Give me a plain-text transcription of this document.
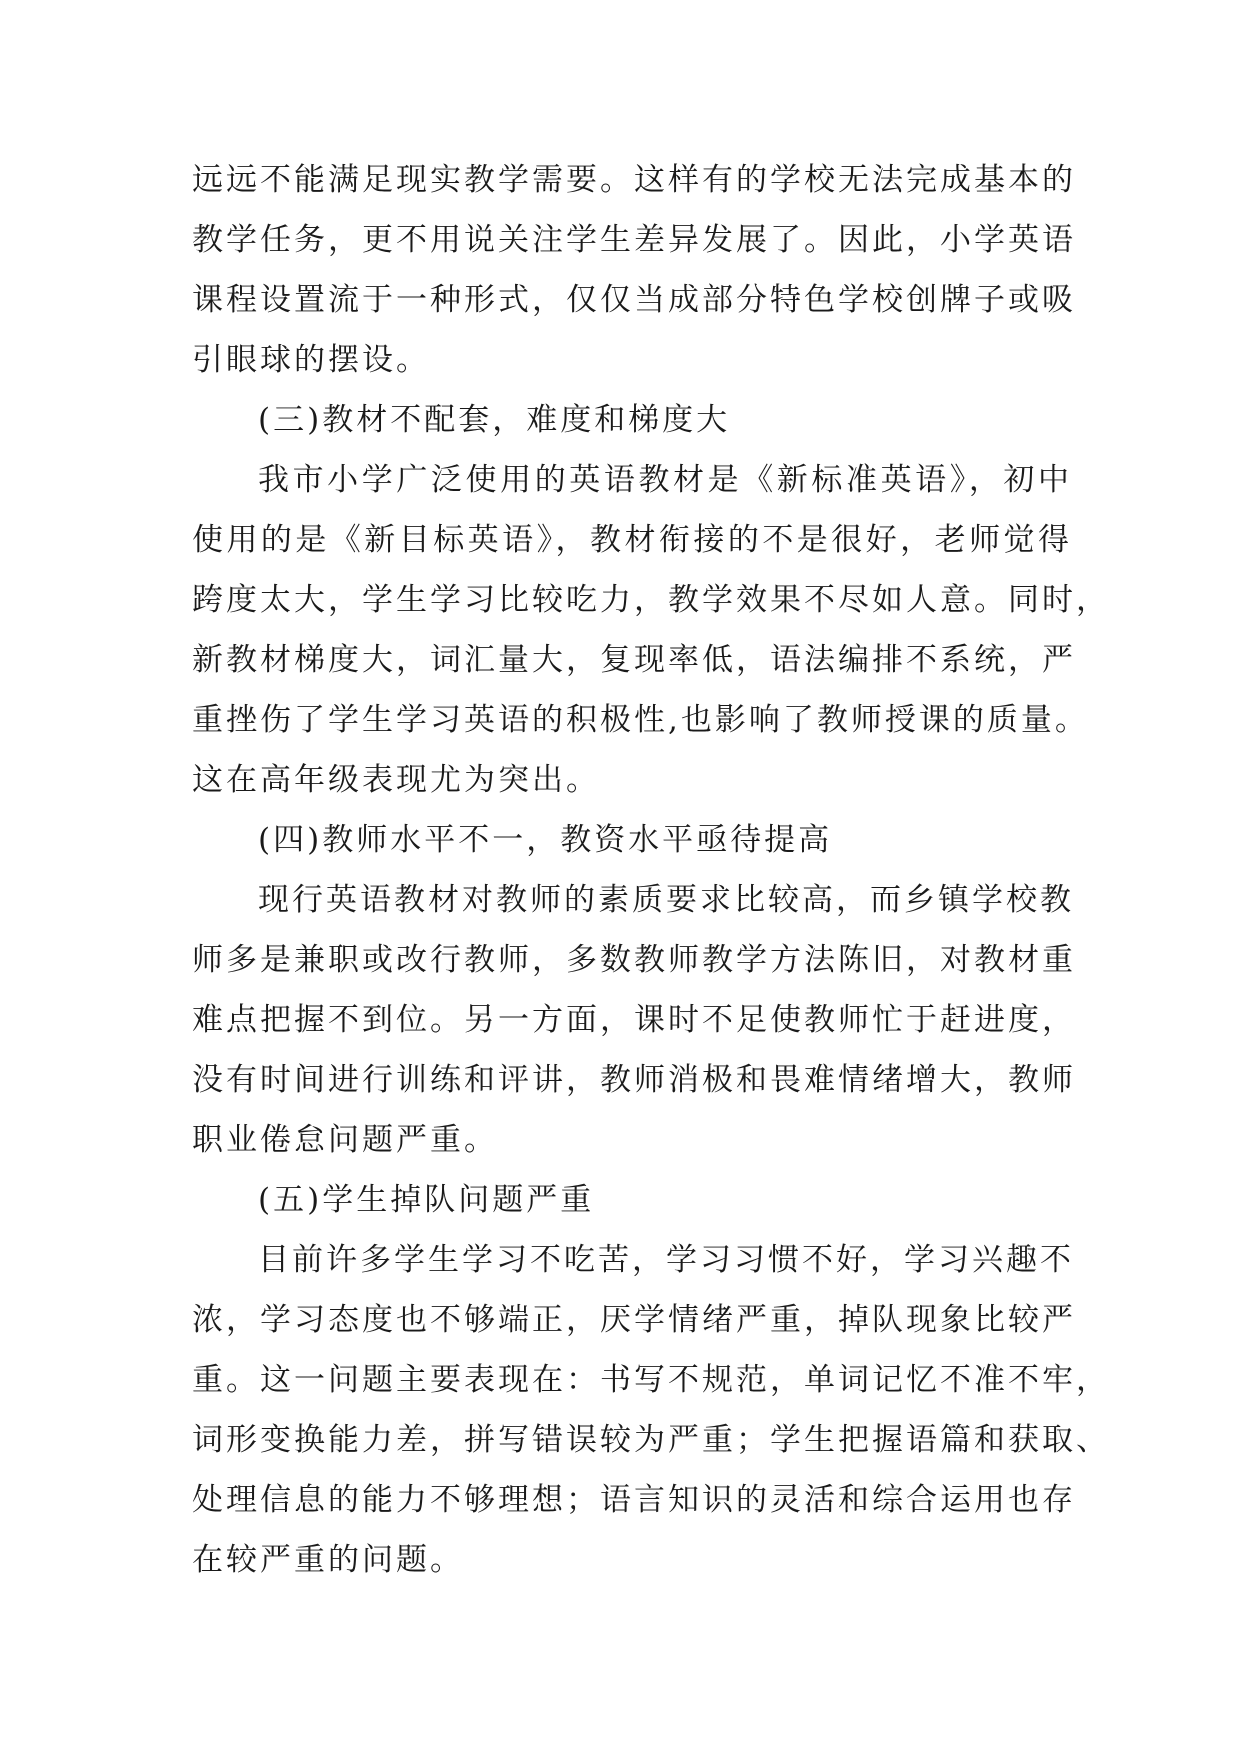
远远不能满足现实教学需要。这样有的学校无法完成基本的
教学任务，更不用说关注学生差异发展了。因此，小学英语
课程设置流于一种形式，仅仅当成部分特色学校创牌子或吸
引眼球的摆设。
(三)教材不配套，难度和梯度大
我市小学广泛使用的英语教材是《新标准英语》，初中
使用的是《新目标英语》，教材衔接的不是很好，老师觉得
跨度太大，学生学习比较吃力，教学效果不尽如人意。同时，
新教材梯度大，词汇量大，复现率低，语法编排不系统，严
重挫伤了学生学习英语的积极性,也影响了教师授课的质量。
这在高年级表现尤为突出。
(四)教师水平不一，教资水平亟待提高
现行英语教材对教师的素质要求比较高，而乡镇学校教
师多是兼职或改行教师，多数教师教学方法陈旧，对教材重
难点把握不到位。另一方面，课时不足使教师忙于赶进度，
没有时间进行训练和评讲，教师消极和畏难情绪增大，教师
职业倦怠问题严重。
(五)学生掉队问题严重
目前许多学生学习不吃苦，学习习惯不好，学习兴趣不
浓，学习态度也不够端正，厌学情绪严重，掉队现象比较严
重。这一问题主要表现在：书写不规范，单词记忆不准不牢，
词形变换能力差，拼写错误较为严重；学生把握语篇和获取、
处理信息的能力不够理想；语言知识的灵活和综合运用也存
在较严重的问题。
